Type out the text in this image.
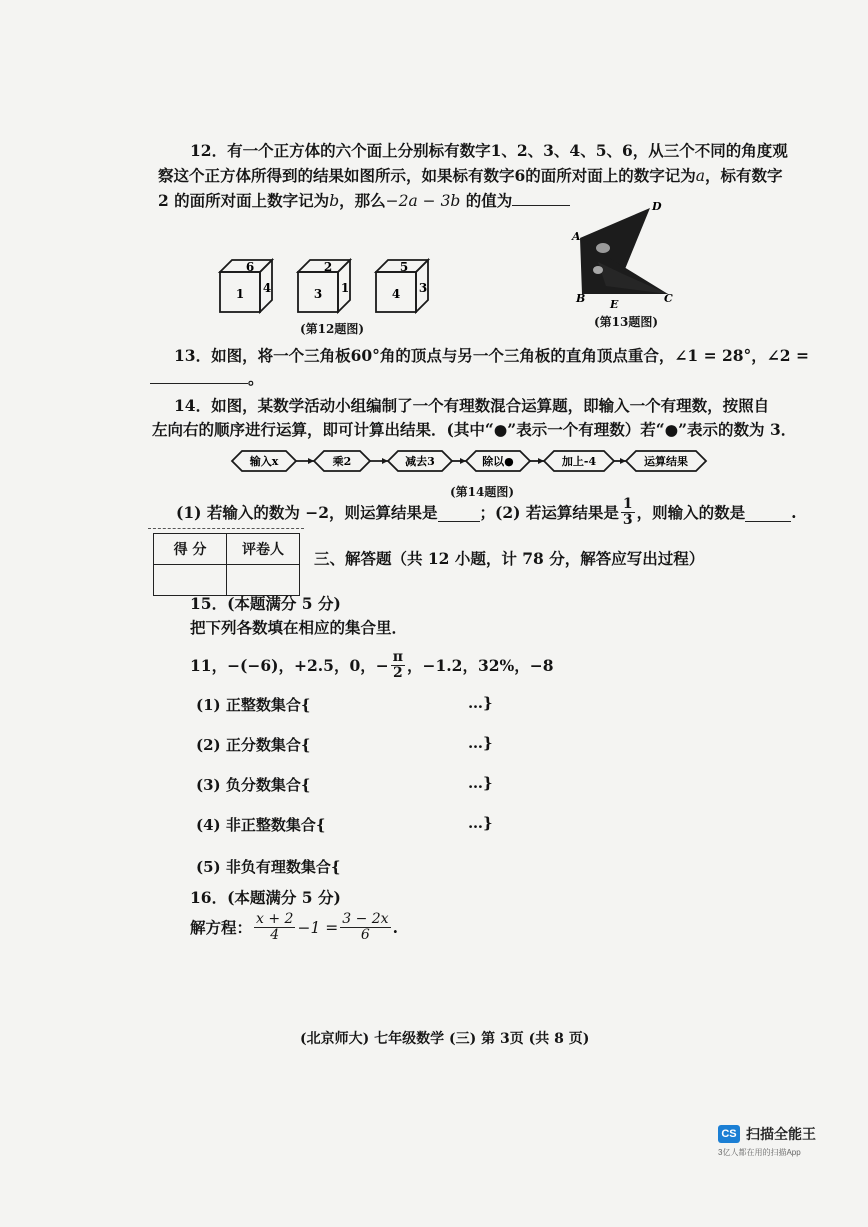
12．有一个正方体的六个面上分别标有数字1、2、3、4、5、6，从三个不同的角度观
察这个正方体所得到的结果如图所示，如果标有数字6的面所对面上的数字记为a，标有数字
2 的面所对面上数字记为b，那么−2a − 3b 的值为
6
1 4
2
3 1
5
4 3
(第12题图)
A
D
B E	C
(第13题图)
13．如图，将一个三角板60°角的顶点与另一个三角板的直角顶点重合，∠1 = 28°，∠2 =
。
14．如图，某数学活动小组编制了一个有理数混合运算题，即输入一个有理数，按照自
左向右的顺序进行运算，即可计算出结果．(其中“●”表示一个有理数）若“●”表示的数为 3．
输入x	乘2	减去3	除以●	加上-4	运算结果
(第14题图)
(1) 若输入的数为 −2，则运算结果是	；(2) 若运算结果是 $\frac{1}{3}$ ，则输入的数是	.
得 分	评卷人
	三、解答题（共 12 小题，计 78 分，解答应写出过程）
15．(本题满分 5 分)
把下列各数填在相应的集合里．
11，−(−6)，+2.5，0，− $\frac{\pi}{2}$ ，−1.2，32%，−8
(1) 正整数集合{	…}
(2) 正分数集合{	…}
(3) 负分数集合{	…}
(4) 非正整数集合{	…}
(5) 非负有理数集合{
16．(本题满分 5 分)
解方程： $\frac{x + 2}{4} -1 = \frac{3 - 2x}{6}$ .
(北京师大) 七年级数学 (三) 第 3页 (共 8 页)
CS 扫描全能王
3亿人都在用的扫描App
